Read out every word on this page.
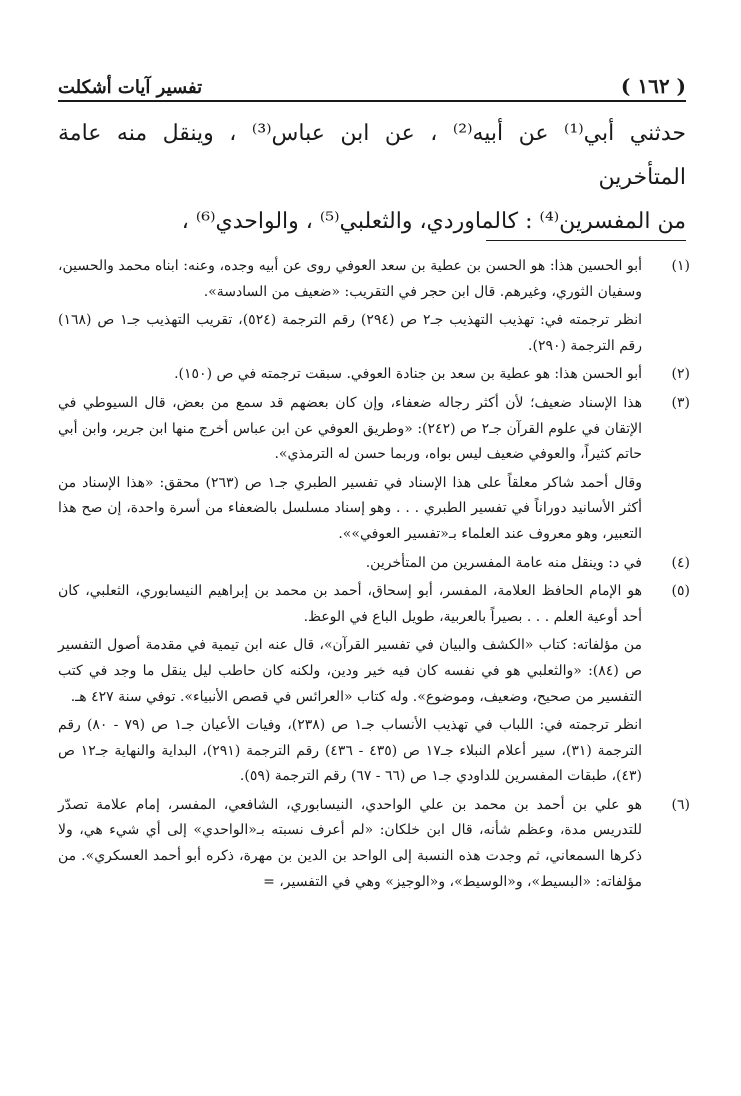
( ١٦٢ )
تفسير آيات أشكلت

حدثني أبي⁽¹⁾ عن أبيه⁽²⁾ ، عن ابن عباس⁽³⁾ ، وينقل منه عامة المتأخرين

من المفسرين⁽⁴⁾ : كالماوردي، والثعلبي⁽⁵⁾ ، والواحدي⁽⁶⁾ ،

(١)

أبو الحسين هذا: هو الحسن بن عطية بن سعد العوفي روى عن أبيه وجده، وعنه: ابناه محمد والحسين، وسفيان الثوري، وغيرهم. قال ابن حجر في التقريب: «ضعيف من السادسة».

انظر ترجمته في: تهذيب التهذيب جـ٢ ص (٢٩٤) رقم الترجمة (٥٢٤)، تقريب التهذيب جـ١ ص (١٦٨) رقم الترجمة (٢٩٠).

(٢)

أبو الحسن هذا: هو عطية بن سعد بن جنادة العوفي. سبقت ترجمته في ص (١٥٠).

(٣)

هذا الإسناد ضعيف؛ لأن أكثر رجاله ضعفاء، وإن كان بعضهم قد سمع من بعض، قال السيوطي في الإتقان في علوم القرآن جـ٢ ص (٢٤٢): «وطريق العوفي عن ابن عباس أخرج منها ابن جرير، وابن أبي حاتم كثيراً، والعوفي ضعيف ليس بواه، وربما حسن له الترمذي».

وقال أحمد شاكر معلقاً على هذا الإسناد في تفسير الطبري جـ١ ص (٢٦٣) محقق: «هذا الإسناد من أكثر الأسانيد دوراناً في تفسير الطبري . . . وهو إسناد مسلسل بالضعفاء من أسرة واحدة، إن صح هذا التعبير، وهو معروف عند العلماء بـ«تفسير العوفي»».

(٤)

في د: وينقل منه عامة المفسرين من المتأخرين.

(٥)

هو الإمام الحافظ العلامة، المفسر، أبو إسحاق، أحمد بن محمد بن إبراهيم النيسابوري، الثعلبي، كان أحد أوعية العلم . . . بصيراً بالعربية، طويل الباع في الوعظ.

من مؤلفاته: كتاب «الكشف والبيان في تفسير القرآن»، قال عنه ابن تيمية في مقدمة أصول التفسير ص (٨٤): «والثعلبي هو في نفسه كان فيه خير ودين، ولكنه كان حاطب ليل ينقل ما وجد في كتب التفسير من صحيح، وضعيف، وموضوع». وله كتاب «العرائس في قصص الأنبياء». توفي سنة ٤٢٧ هـ.

انظر ترجمته في: اللباب في تهذيب الأنساب جـ١ ص (٢٣٨)، وفيات الأعيان جـ١ ص (٧٩ - ٨٠) رقم الترجمة (٣١)، سير أعلام النبلاء جـ١٧ ص (٤٣٥ - ٤٣٦) رقم الترجمة (٢٩١)، البداية والنهاية جـ١٢ ص (٤٣)، طبقات المفسرين للداودي جـ١ ص (٦٦ - ٦٧) رقم الترجمة (٥٩).

(٦)

هو علي بن أحمد بن محمد بن علي الواحدي، النيسابوري، الشافعي، المفسر، إمام علامة تصدّر للتدريس مدة، وعظم شأنه، قال ابن خلكان: «لم أعرف نسبته بـ«الواحدي» إلى أي شيء هي، ولا ذكرها السمعاني، ثم وجدت هذه النسبة إلى الواحد بن الدين بن مهرة، ذكره أبو أحمد العسكري». من مؤلفاته: «البسيط»، و«الوسيط»، و«الوجيز» وهي في التفسير، =
